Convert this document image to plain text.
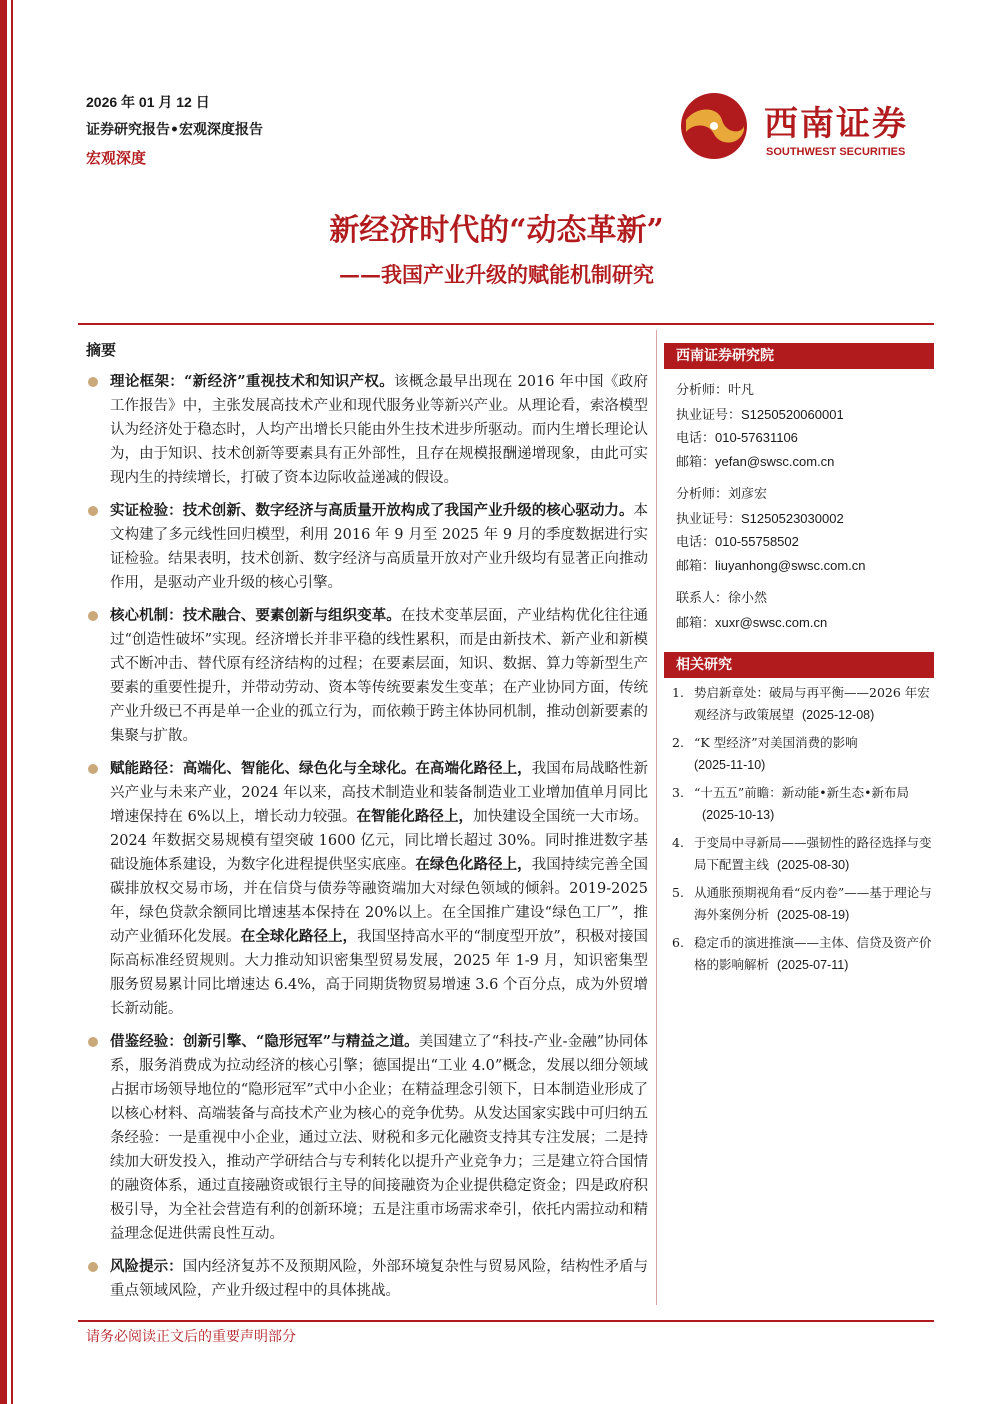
2026 年 01 月 12 日
证券研究报告•宏观深度报告
宏观深度
西南证券
SOUTHWEST SECURITIES
新经济时代的“动态革新”
——我国产业升级的赋能机制研究
摘要
理论框架：“新经济”重视技术和知识产权。该概念最早出现在 2016 年中国《政府工作报告》中，主张发展高技术产业和现代服务业等新兴产业。从理论看，索洛模型认为经济处于稳态时，人均产出增长只能由外生技术进步所驱动。而内生增长理论认为，由于知识、技术创新等要素具有正外部性，且存在规模报酬递增现象，由此可实现内生的持续增长，打破了资本边际收益递减的假设。
实证检验：技术创新、数字经济与高质量开放构成了我国产业升级的核心驱动力。本文构建了多元线性回归模型，利用 2016 年 9 月至 2025 年 9 月的季度数据进行实证检验。结果表明，技术创新、数字经济与高质量开放对产业升级均有显著正向推动作用，是驱动产业升级的核心引擎。
核心机制：技术融合、要素创新与组织变革。在技术变革层面，产业结构优化往往通过“创造性破坏”实现。经济增长并非平稳的线性累积，而是由新技术、新产业和新模式不断冲击、替代原有经济结构的过程；在要素层面，知识、数据、算力等新型生产要素的重要性提升，并带动劳动、资本等传统要素发生变革；在产业协同方面，传统产业升级已不再是单一企业的孤立行为，而依赖于跨主体协同机制，推动创新要素的集聚与扩散。
赋能路径：高端化、智能化、绿色化与全球化。在高端化路径上，我国布局战略性新兴产业与未来产业，2024 年以来，高技术制造业和装备制造业工业增加值单月同比增速保持在 6%以上，增长动力较强。在智能化路径上，加快建设全国统一大市场。2024 年数据交易规模有望突破 1600 亿元，同比增长超过 30%。同时推进数字基础设施体系建设，为数字化进程提供坚实底座。在绿色化路径上，我国持续完善全国碳排放权交易市场，并在信贷与债券等融资端加大对绿色领域的倾斜。2019-2025 年，绿色贷款余额同比增速基本保持在 20%以上。在全国推广建设“绿色工厂”，推动产业循环化发展。在全球化路径上，我国坚持高水平的“制度型开放”，积极对接国际高标准经贸规则。大力推动知识密集型贸易发展，2025 年 1-9 月，知识密集型服务贸易累计同比增速达 6.4%，高于同期货物贸易增速 3.6 个百分点，成为外贸增长新动能。
借鉴经验：创新引擎、“隐形冠军”与精益之道。美国建立了“科技-产业-金融”协同体系，服务消费成为拉动经济的核心引擎；德国提出“工业 4.0”概念，发展以细分领域占据市场领导地位的“隐形冠军”式中小企业；在精益理念引领下，日本制造业形成了以核心材料、高端装备与高技术产业为核心的竞争优势。从发达国家实践中可归纳五条经验：一是重视中小企业，通过立法、财税和多元化融资支持其专注发展；二是持续加大研发投入，推动产学研结合与专利转化以提升产业竞争力；三是建立符合国情的融资体系，通过直接融资或银行主导的间接融资为企业提供稳定资金；四是政府积极引导，为全社会营造有利的创新环境；五是注重市场需求牵引，依托内需拉动和精益理念促进供需良性互动。
风险提示：国内经济复苏不及预期风险，外部环境复杂性与贸易风险，结构性矛盾与重点领域风险，产业升级过程中的具体挑战。
西南证券研究院
分析师：叶凡
执业证号：S1250520060001
电话：010-57631106
邮箱：yefan@swsc.com.cn
分析师：刘彦宏
执业证号：S1250523030002
电话：010-55758502
邮箱：liuyanhong@swsc.com.cn
联系人：徐小然
邮箱：xuxr@swsc.com.cn
相关研究
1. 势启新章处：破局与再平衡——2026 年宏观经济与政策展望 (2025-12-08)
2. “K 型经济”对美国消费的影响
(2025-11-10)
3. “十五五”前瞻：新动能•新生态•新布局(2025-10-13)
4. 于变局中寻新局——强韧性的路径选择与变局下配置主线 (2025-08-30)
5. 从通胀预期视角看“反内卷”——基于理论与海外案例分析 (2025-08-19)
6. 稳定币的演进推演——主体、信贷及资产价格的影响解析 (2025-07-11)
请务必阅读正文后的重要声明部分
